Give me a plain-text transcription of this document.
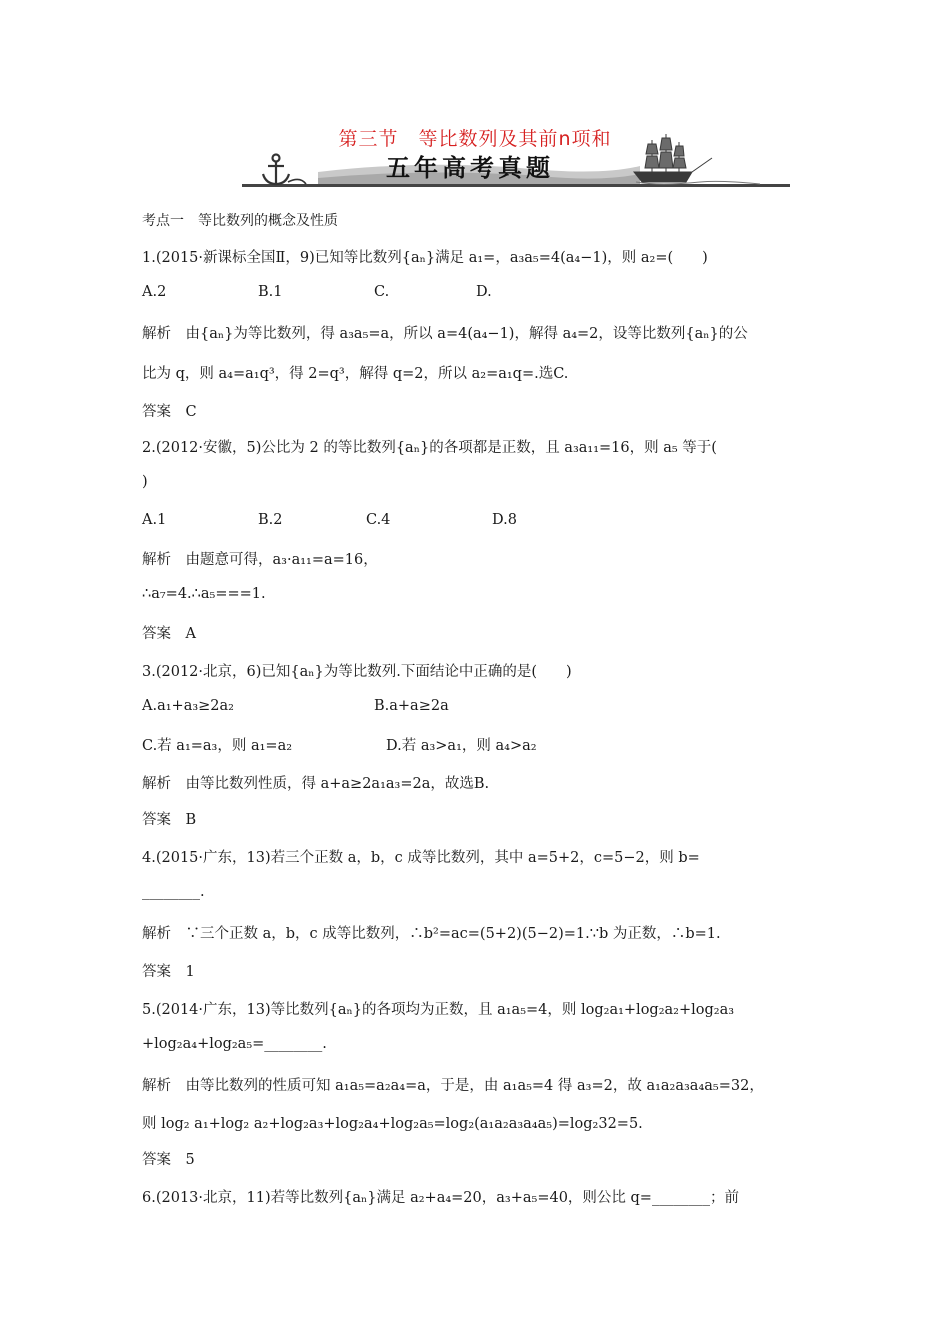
第三节　等比数列及其前n项和
五年高考真题
考点一　等比数列的概念及性质
1.(2015·新课标全国Ⅱ，9)已知等比数列{aₙ}满足 a₁=，a₃a₅=4(a₄−1)，则 a₂=(　　)
A.2	B.1	C.	D.
解析　由{aₙ}为等比数列，得 a₃a₅=a，所以 a=4(a₄−1)，解得 a₄=2，设等比数列{aₙ}的公
比为 q，则 a₄=a₁q³，得 2=q³，解得 q=2，所以 a₂=a₁q=.选C.
答案　C
2.(2012·安徽，5)公比为 2 的等比数列{aₙ}的各项都是正数，且 a₃a₁₁=16，则 a₅ 等于(
)
A.1	B.2	C.4	D.8
解析　由题意可得，a₃·a₁₁=a=16，
∴a₇=4.∴a₅===1.
答案　A
3.(2012·北京，6)已知{aₙ}为等比数列.下面结论中正确的是(　　)
A.a₁+a₃≥2a₂	B.a+a≥2a
C.若 a₁=a₃，则 a₁=a₂	D.若 a₃>a₁，则 a₄>a₂
解析　由等比数列性质，得 a+a≥2a₁a₃=2a，故选B.
答案　B
4.(2015·广东，13)若三个正数 a，b，c 成等比数列，其中 a=5+2，c=5−2，则 b=
________.
解析　∵三个正数 a，b，c 成等比数列，∴b²=ac=(5+2)(5−2)=1.∵b 为正数，∴b=1.
答案　1
5.(2014·广东，13)等比数列{aₙ}的各项均为正数，且 a₁a₅=4，则 log₂a₁+log₂a₂+log₂a₃
+log₂a₄+log₂a₅=________.
解析　由等比数列的性质可知 a₁a₅=a₂a₄=a，于是，由 a₁a₅=4 得 a₃=2，故 a₁a₂a₃a₄a₅=32，
则 log₂ a₁+log₂ a₂+log₂a₃+log₂a₄+log₂a₅=log₂(a₁a₂a₃a₄a₅)=log₂32=5.
答案　5
6.(2013·北京，11)若等比数列{aₙ}满足 a₂+a₄=20，a₃+a₅=40，则公比 q=________；前
